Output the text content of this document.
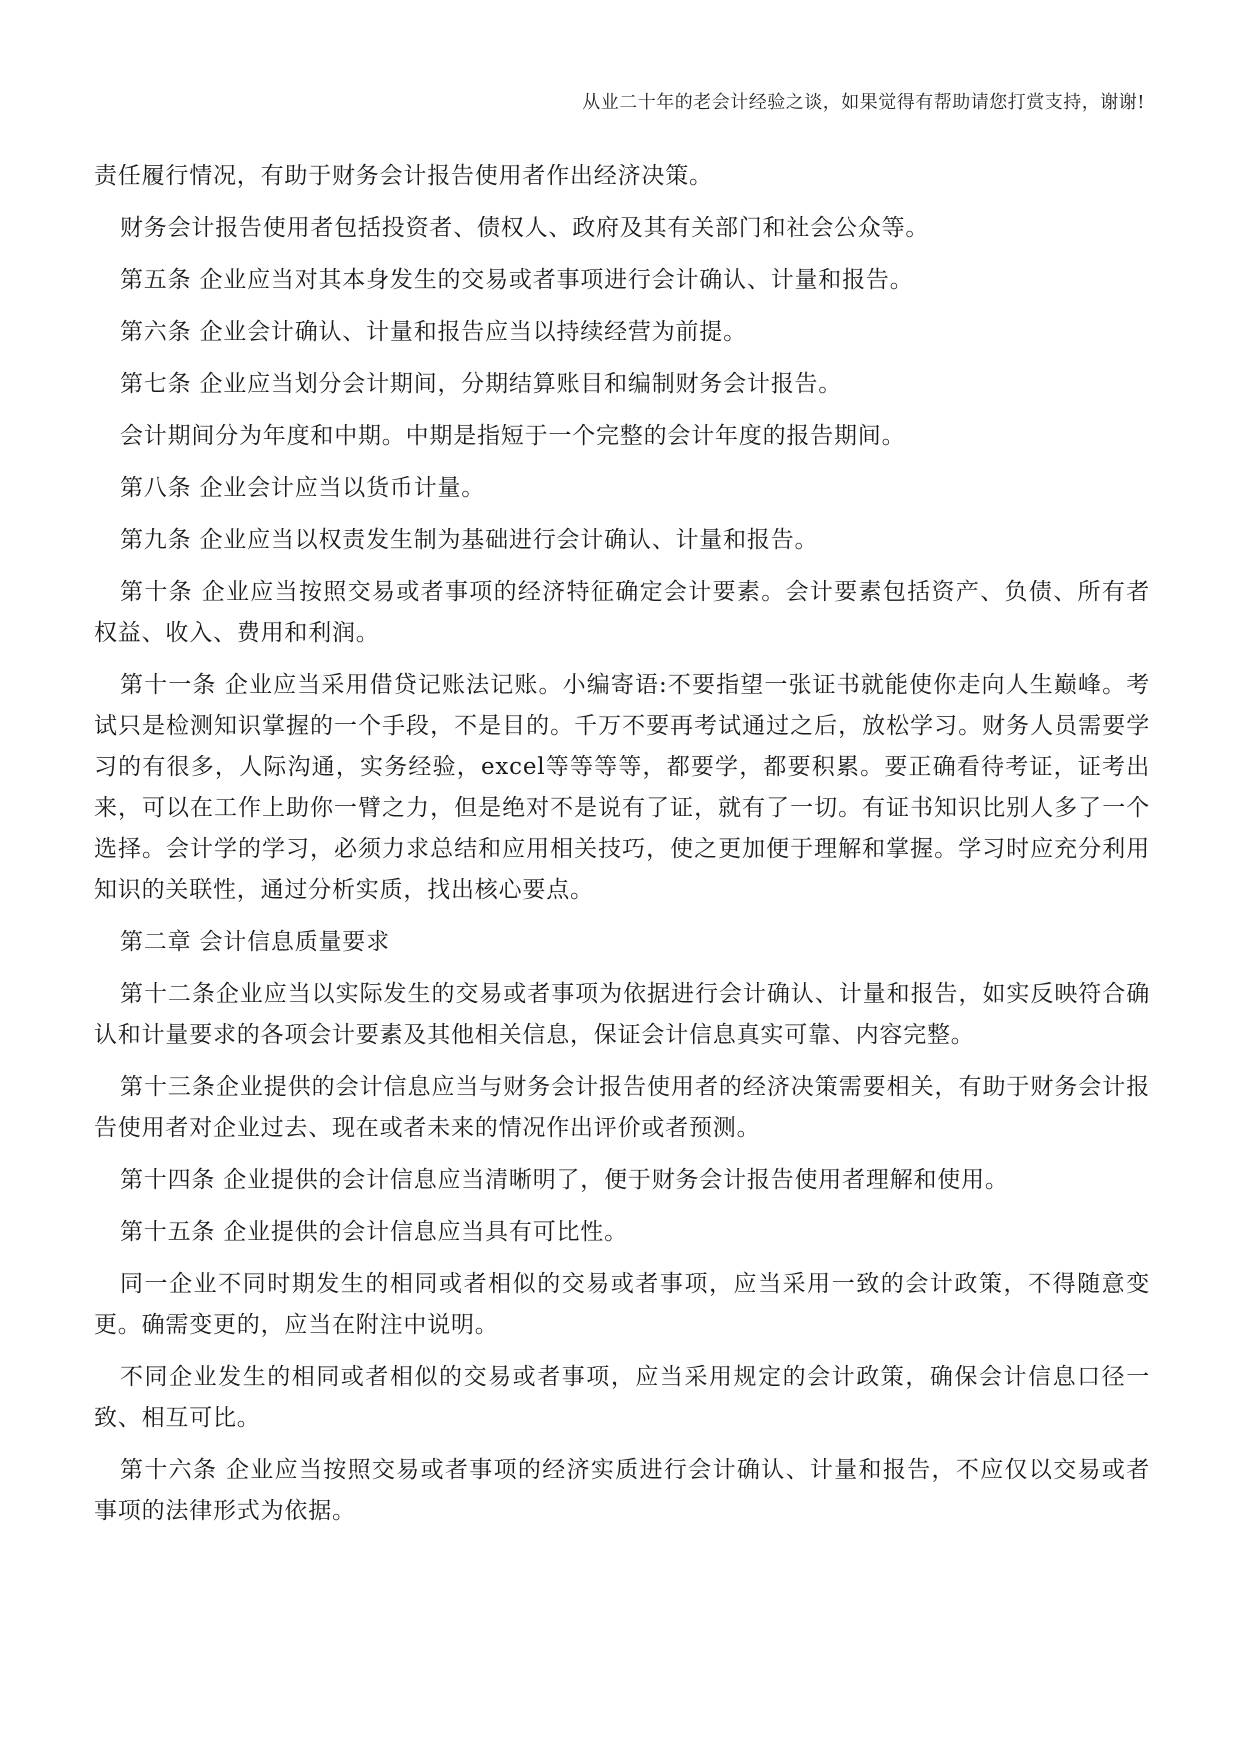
从业二十年的老会计经验之谈，如果觉得有帮助请您打赏支持，谢谢!

责任履行情况，有助于财务会计报告使用者作出经济决策。

财务会计报告使用者包括投资者、债权人、政府及其有关部门和社会公众等。

第五条 企业应当对其本身发生的交易或者事项进行会计确认、计量和报告。

第六条 企业会计确认、计量和报告应当以持续经营为前提。

第七条 企业应当划分会计期间，分期结算账目和编制财务会计报告。

会计期间分为年度和中期。中期是指短于一个完整的会计年度的报告期间。

第八条 企业会计应当以货币计量。

第九条 企业应当以权责发生制为基础进行会计确认、计量和报告。

第十条 企业应当按照交易或者事项的经济特征确定会计要素。会计要素包括资产、负债、所有者权益、收入、费用和利润。

第十一条 企业应当采用借贷记账法记账。小编寄语:不要指望一张证书就能使你走向人生巅峰。考试只是检测知识掌握的一个手段，不是目的。千万不要再考试通过之后，放松学习。财务人员需要学习的有很多，人际沟通，实务经验，excel等等等等，都要学，都要积累。要正确看待考证，证考出来，可以在工作上助你一臂之力，但是绝对不是说有了证，就有了一切。有证书知识比别人多了一个选择。会计学的学习，必须力求总结和应用相关技巧，使之更加便于理解和掌握。学习时应充分利用知识的关联性，通过分析实质，找出核心要点。

第二章 会计信息质量要求

第十二条企业应当以实际发生的交易或者事项为依据进行会计确认、计量和报告，如实反映符合确认和计量要求的各项会计要素及其他相关信息，保证会计信息真实可靠、内容完整。

第十三条企业提供的会计信息应当与财务会计报告使用者的经济决策需要相关，有助于财务会计报告使用者对企业过去、现在或者未来的情况作出评价或者预测。

第十四条 企业提供的会计信息应当清晰明了，便于财务会计报告使用者理解和使用。

第十五条 企业提供的会计信息应当具有可比性。

同一企业不同时期发生的相同或者相似的交易或者事项，应当采用一致的会计政策，不得随意变更。确需变更的，应当在附注中说明。

不同企业发生的相同或者相似的交易或者事项，应当采用规定的会计政策，确保会计信息口径一致、相互可比。

第十六条 企业应当按照交易或者事项的经济实质进行会计确认、计量和报告，不应仅以交易或者事项的法律形式为依据。
